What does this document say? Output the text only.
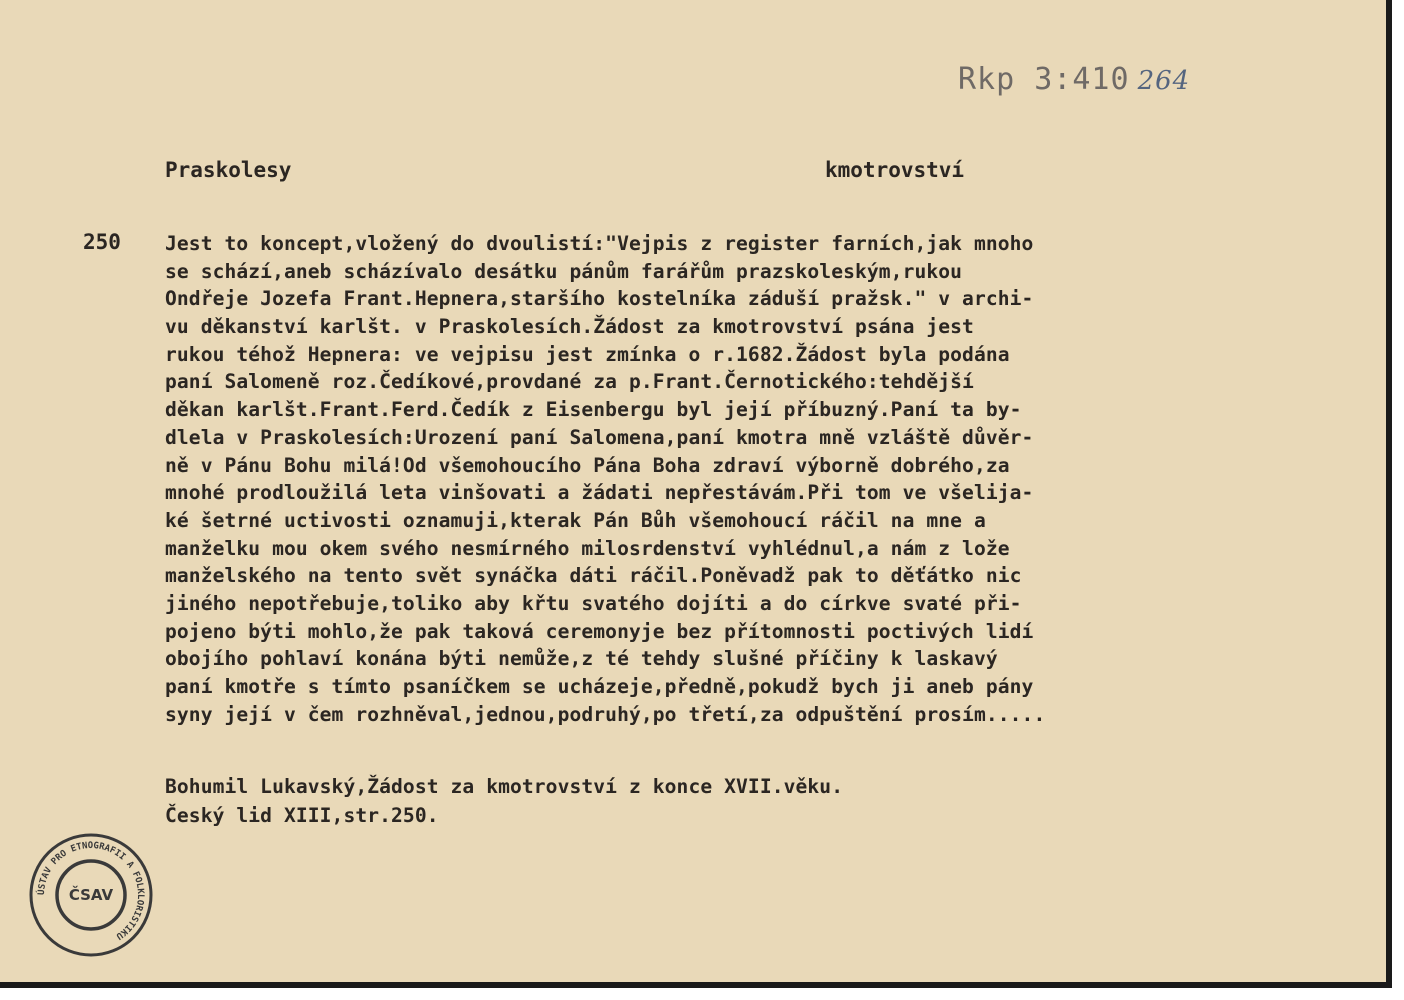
Rkp 3:410 264
Praskolesy	kmotrovství
250 Jest to koncept,vložený do dvoulistí:"Vejpis z register farních,jak mnoho
se schází,aneb scházívalo desátku pánům farářům prazskoleským,rukou
Ondřeje Jozefa Frant.Hepnera,staršího kostelníka záduší pražsk." v archi-
vu děkanství karlšt. v Praskolesích.Žádost za kmotrovství psána jest
rukou téhož Hepnera: ve vejpisu jest zmínka o r.1682.Žádost byla podána
paní Salomeně roz.Čedíkové,provdané za p.Frant.Černotického:tehdější
děkan karlšt.Frant.Ferd.Čedík z Eisenbergu byl její příbuzný.Paní ta by-
dlela v Praskolesích:Urození paní Salomena,paní kmotra mně vzláště důvěr-
ně v Pánu Bohu milá!Od všemohoucího Pána Boha zdraví výborně dobrého,za
mnohé prodloužilá leta vinšovati a žádati nepřestávám.Při tom ve všelija-
ké šetrné uctivosti oznamuji,kterak Pán Bůh všemohoucí ráčil na mne a
manželku mou okem svého nesmírného milosrdenství vyhlédnul,a nám z lože
manželského na tento svět synáčka dáti ráčil.Poněvadž pak to děťátko nic
jiného nepotřebuje,toliko aby křtu svatého dojíti a do církve svaté při-
pojeno býti mohlo,že pak taková ceremonyje bez přítomnosti poctivých lidí
obojího pohlaví konána býti nemůže,z té tehdy slušné příčiny k laskavý
paní kmotře s tímto psaníčkem se ucházeje,předně,pokudž bych ji aneb pány
syny její v čem rozhněval,jednou,podruhý,po třetí,za odpuštění prosím.....
Bohumil Lukavský,Žádost za kmotrovství z konce XVII.věku.
Český lid XIII,str.250.
ÚSTAV PRO ETNOGRAFII A FOLKLORISTIKU
ČSAV
